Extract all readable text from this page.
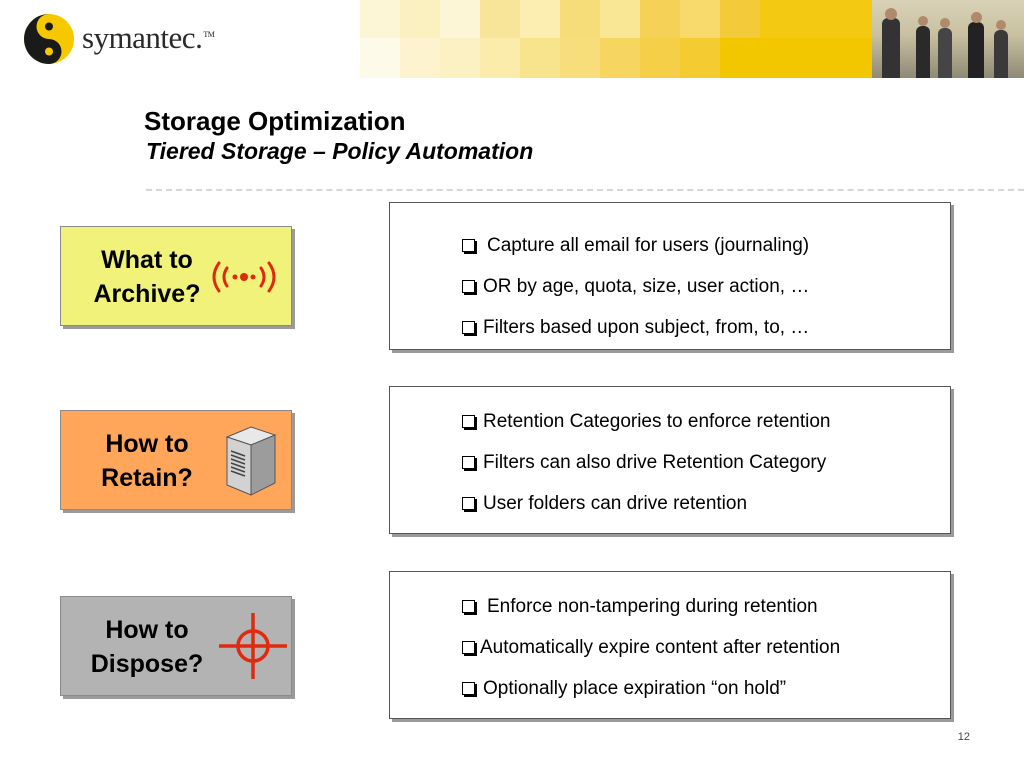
symantec.™
Storage Optimization
Tiered Storage – Policy Automation
What to
Archive?
How to
Retain?
How to
Dispose?
Capture all email for users (journaling)
OR by age, quota, size, user action, …
Filters based upon subject, from, to, …
Retention Categories to enforce retention
Filters can also drive Retention Category
User folders can drive retention
Enforce non-tampering during retention
Automatically expire content after retention
Optionally place expiration “on hold”
12
